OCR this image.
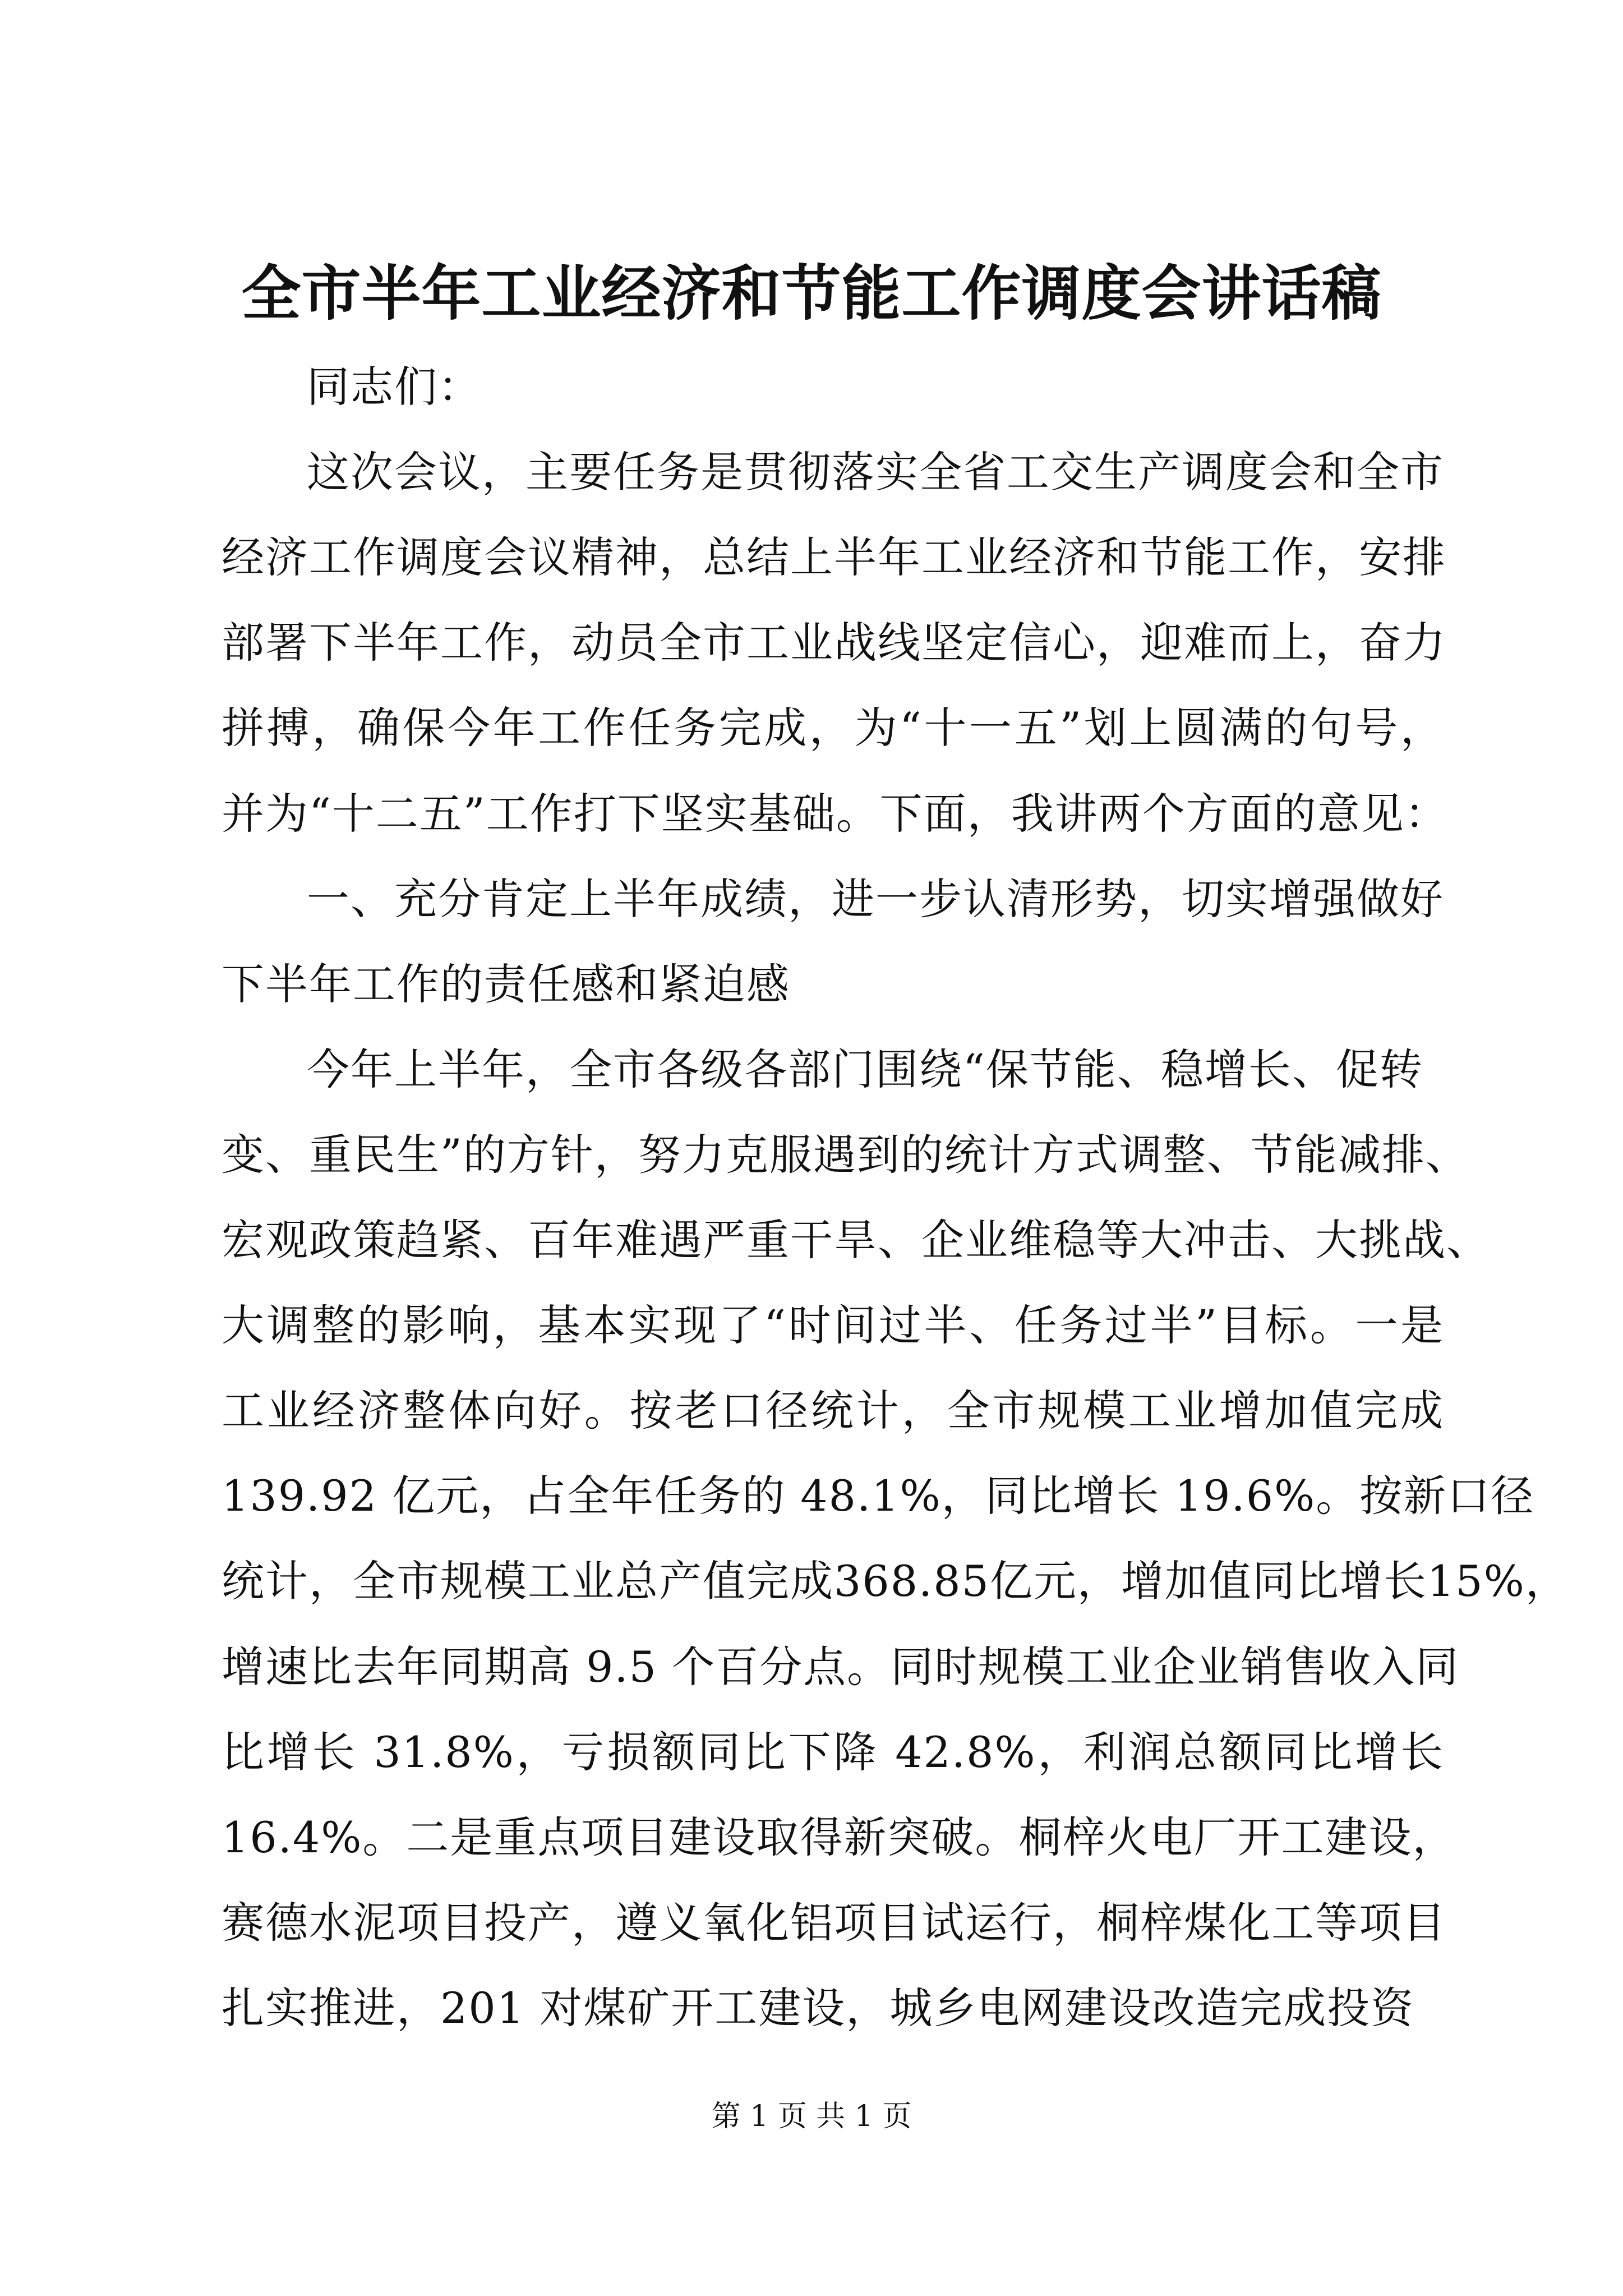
全市半年工业经济和节能工作调度会讲话稿
同志们：
这次会议，主要任务是贯彻落实全省工交生产调度会和全市
经济工作调度会议精神，总结上半年工业经济和节能工作，安排
部署下半年工作，动员全市工业战线坚定信心，迎难而上，奋力
拼搏，确保今年工作任务完成，为“十一五”划上圆满的句号，
并为“十二五”工作打下坚实基础。下面，我讲两个方面的意见：
一、充分肯定上半年成绩，进一步认清形势，切实增强做好
下半年工作的责任感和紧迫感
今年上半年，全市各级各部门围绕“保节能、稳增长、促转
变、重民生”的方针，努力克服遇到的统计方式调整、节能减排、
宏观政策趋紧、百年难遇严重干旱、企业维稳等大冲击、大挑战、
大调整的影响，基本实现了“时间过半、任务过半”目标。一是
工业经济整体向好。按老口径统计，全市规模工业增加值完成
139.92 亿元，占全年任务的 48.1%，同比增长 19.6%。按新口径
统计，全市规模工业总产值完成368.85亿元，增加值同比增长15%，
增速比去年同期高 9.5 个百分点。同时规模工业企业销售收入同
比增长 31.8%，亏损额同比下降 42.8%，利润总额同比增长
16.4%。二是重点项目建设取得新突破。桐梓火电厂开工建设，
赛德水泥项目投产，遵义氧化铝项目试运行，桐梓煤化工等项目
扎实推进，201 对煤矿开工建设，城乡电网建设改造完成投资
第 1 页 共 1 页
